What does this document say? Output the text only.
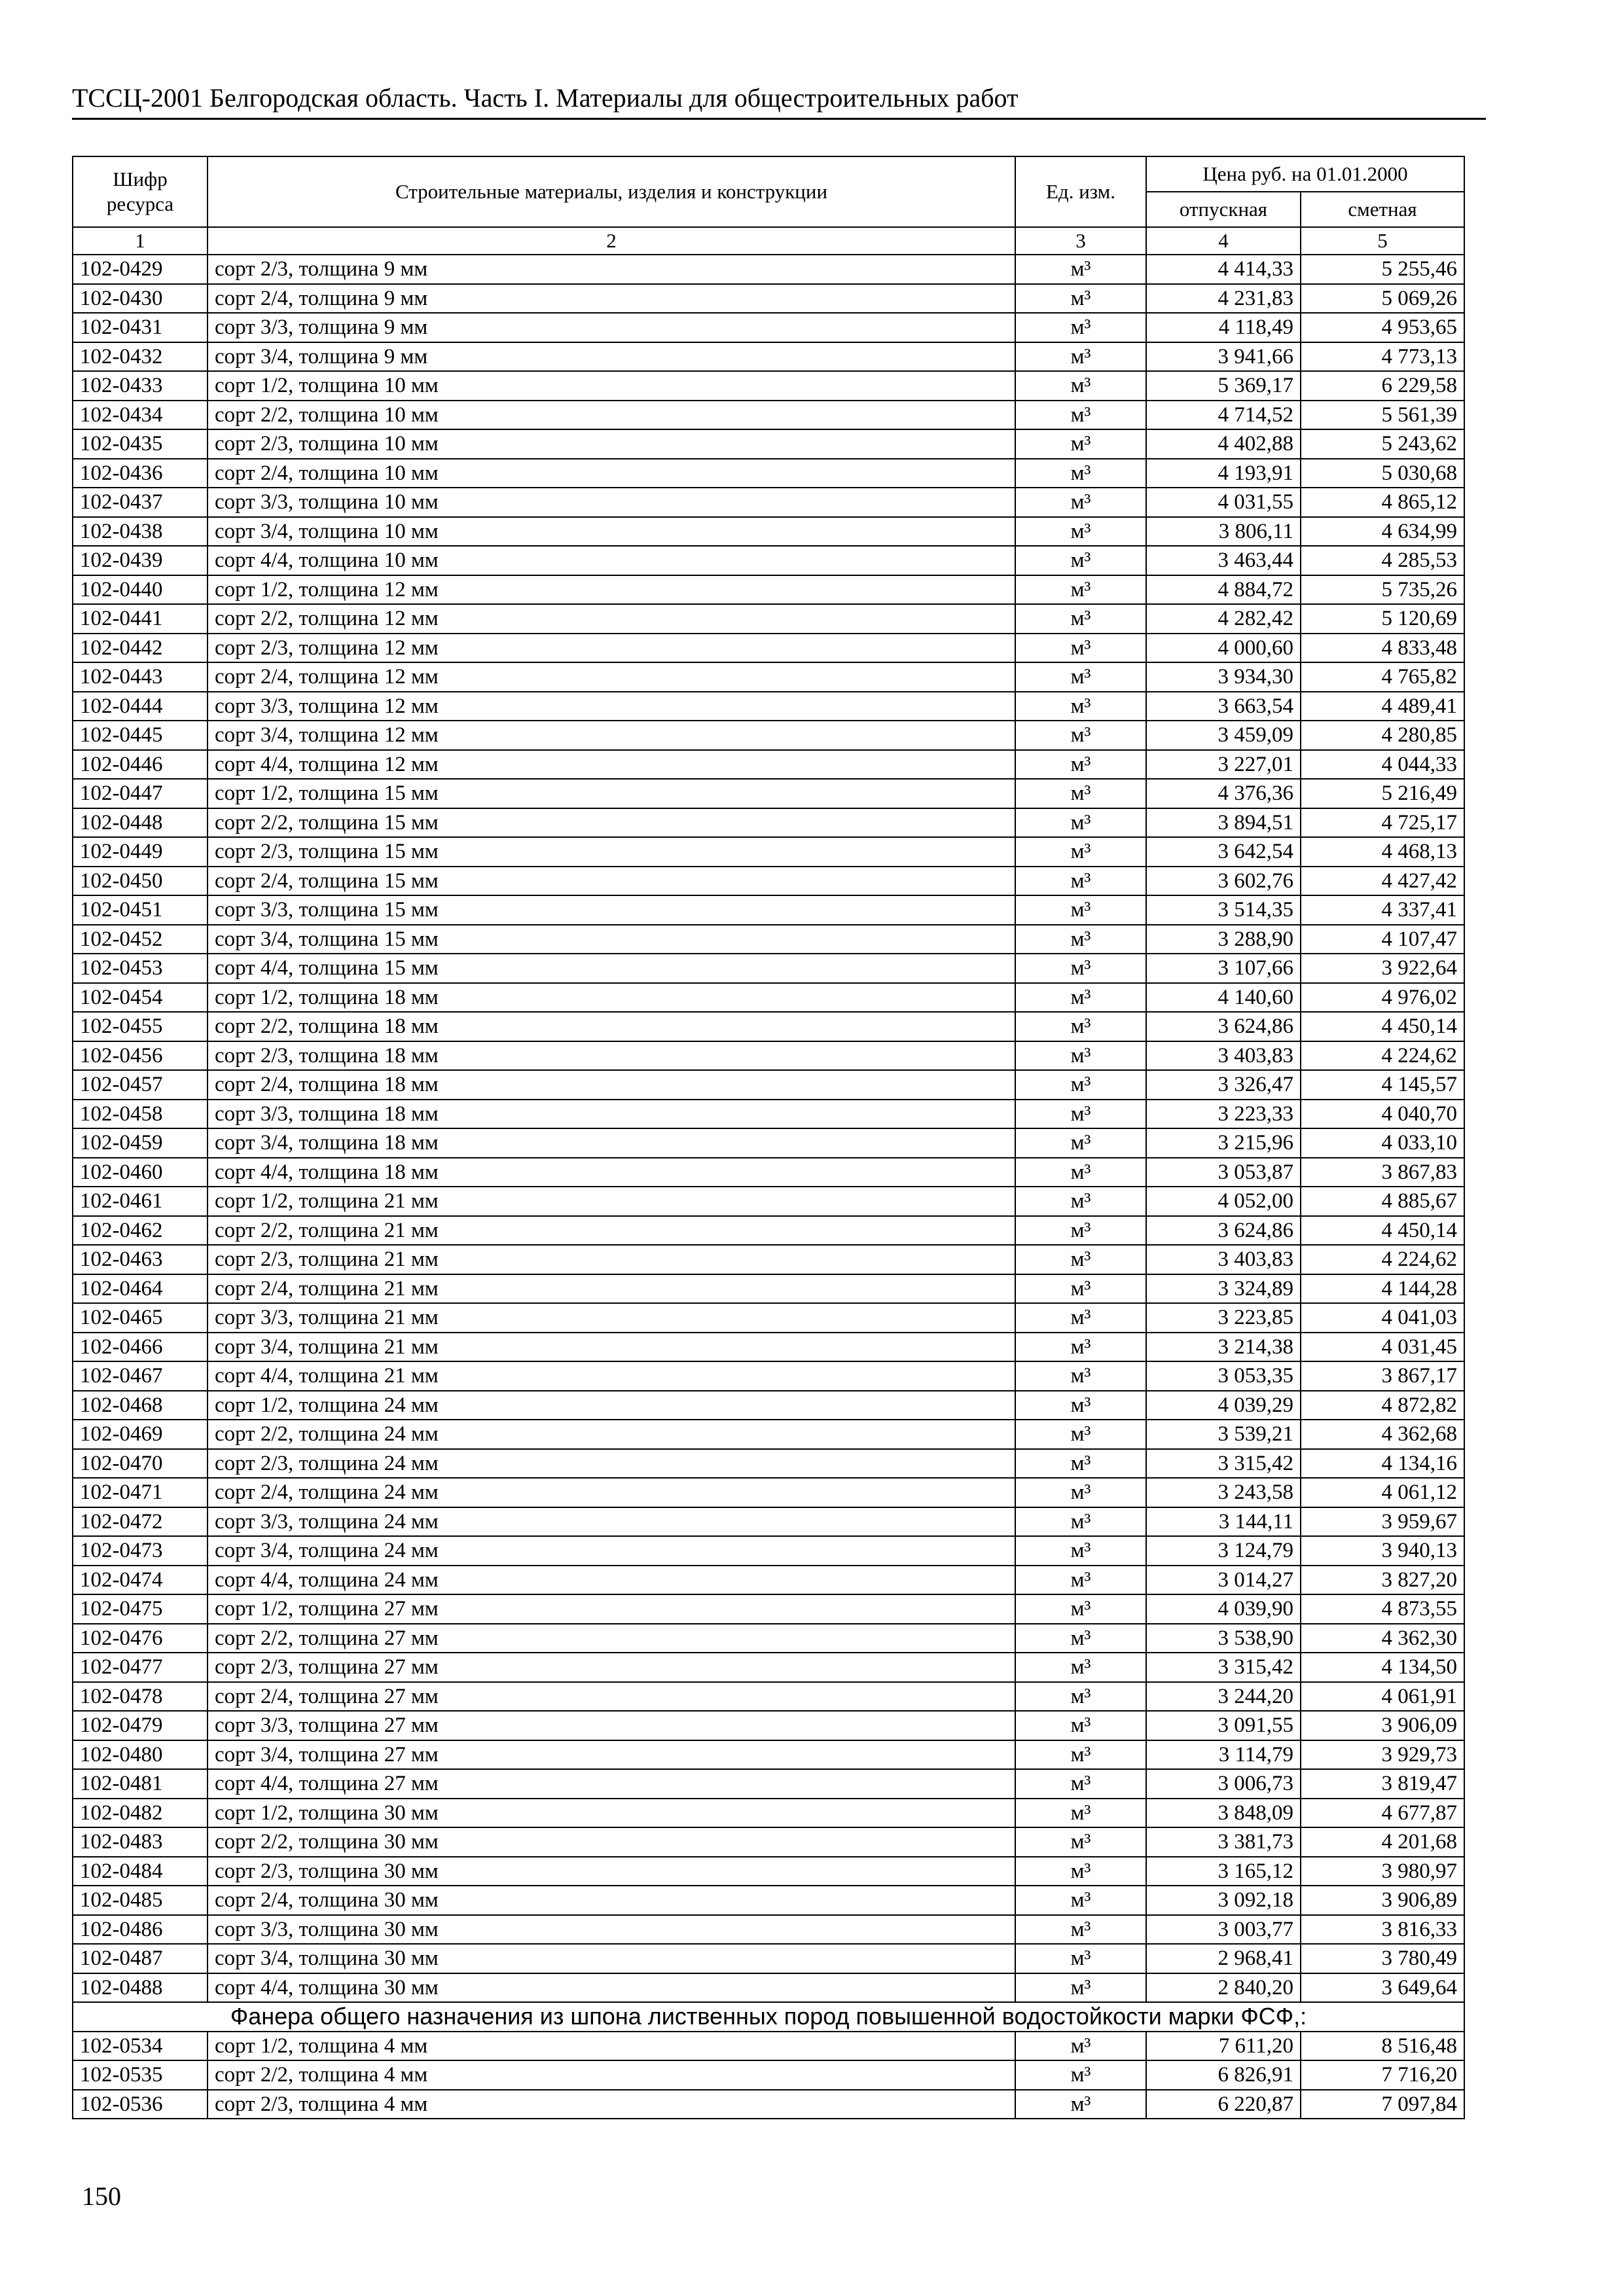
ТССЦ-2001 Белгородская область. Часть I. Материалы для общестроительных работ
Шифр ресурса	Строительные материалы, изделия и конструкции	Ед. изм.	Цена руб. на 01.01.2000	
			отпускная	сметная
1	2	3	4	5
102-0429	сорт 2/3, толщина 9 мм	м³	4 414,33	5 255,46
102-0430	сорт 2/4, толщина 9 мм	м³	4 231,83	5 069,26
102-0431	сорт 3/3, толщина 9 мм	м³	4 118,49	4 953,65
102-0432	сорт 3/4, толщина 9 мм	м³	3 941,66	4 773,13
102-0433	сорт 1/2, толщина 10 мм	м³	5 369,17	6 229,58
102-0434	сорт 2/2, толщина 10 мм	м³	4 714,52	5 561,39
102-0435	сорт 2/3, толщина 10 мм	м³	4 402,88	5 243,62
102-0436	сорт 2/4, толщина 10 мм	м³	4 193,91	5 030,68
102-0437	сорт 3/3, толщина 10 мм	м³	4 031,55	4 865,12
102-0438	сорт 3/4, толщина 10 мм	м³	3 806,11	4 634,99
102-0439	сорт 4/4, толщина 10 мм	м³	3 463,44	4 285,53
102-0440	сорт 1/2, толщина 12 мм	м³	4 884,72	5 735,26
102-0441	сорт 2/2, толщина 12 мм	м³	4 282,42	5 120,69
102-0442	сорт 2/3, толщина 12 мм	м³	4 000,60	4 833,48
102-0443	сорт 2/4, толщина 12 мм	м³	3 934,30	4 765,82
102-0444	сорт 3/3, толщина 12 мм	м³	3 663,54	4 489,41
102-0445	сорт 3/4, толщина 12 мм	м³	3 459,09	4 280,85
102-0446	сорт 4/4, толщина 12 мм	м³	3 227,01	4 044,33
102-0447	сорт 1/2, толщина 15 мм	м³	4 376,36	5 216,49
102-0448	сорт 2/2, толщина 15 мм	м³	3 894,51	4 725,17
102-0449	сорт 2/3, толщина 15 мм	м³	3 642,54	4 468,13
102-0450	сорт 2/4, толщина 15 мм	м³	3 602,76	4 427,42
102-0451	сорт 3/3, толщина 15 мм	м³	3 514,35	4 337,41
102-0452	сорт 3/4, толщина 15 мм	м³	3 288,90	4 107,47
102-0453	сорт 4/4, толщина 15 мм	м³	3 107,66	3 922,64
102-0454	сорт 1/2, толщина 18 мм	м³	4 140,60	4 976,02
102-0455	сорт 2/2, толщина 18 мм	м³	3 624,86	4 450,14
102-0456	сорт 2/3, толщина 18 мм	м³	3 403,83	4 224,62
102-0457	сорт 2/4, толщина 18 мм	м³	3 326,47	4 145,57
102-0458	сорт 3/3, толщина 18 мм	м³	3 223,33	4 040,70
102-0459	сорт 3/4, толщина 18 мм	м³	3 215,96	4 033,10
102-0460	сорт 4/4, толщина 18 мм	м³	3 053,87	3 867,83
102-0461	сорт 1/2, толщина 21 мм	м³	4 052,00	4 885,67
102-0462	сорт 2/2, толщина 21 мм	м³	3 624,86	4 450,14
102-0463	сорт 2/3, толщина 21 мм	м³	3 403,83	4 224,62
102-0464	сорт 2/4, толщина 21 мм	м³	3 324,89	4 144,28
102-0465	сорт 3/3, толщина 21 мм	м³	3 223,85	4 041,03
102-0466	сорт 3/4, толщина 21 мм	м³	3 214,38	4 031,45
102-0467	сорт 4/4, толщина 21 мм	м³	3 053,35	3 867,17
102-0468	сорт 1/2, толщина 24 мм	м³	4 039,29	4 872,82
102-0469	сорт 2/2, толщина 24 мм	м³	3 539,21	4 362,68
102-0470	сорт 2/3, толщина 24 мм	м³	3 315,42	4 134,16
102-0471	сорт 2/4, толщина 24 мм	м³	3 243,58	4 061,12
102-0472	сорт 3/3, толщина 24 мм	м³	3 144,11	3 959,67
102-0473	сорт 3/4, толщина 24 мм	м³	3 124,79	3 940,13
102-0474	сорт 4/4, толщина 24 мм	м³	3 014,27	3 827,20
102-0475	сорт 1/2, толщина 27 мм	м³	4 039,90	4 873,55
102-0476	сорт 2/2, толщина 27 мм	м³	3 538,90	4 362,30
102-0477	сорт 2/3, толщина 27 мм	м³	3 315,42	4 134,50
102-0478	сорт 2/4, толщина 27 мм	м³	3 244,20	4 061,91
102-0479	сорт 3/3, толщина 27 мм	м³	3 091,55	3 906,09
102-0480	сорт 3/4, толщина 27 мм	м³	3 114,79	3 929,73
102-0481	сорт 4/4, толщина 27 мм	м³	3 006,73	3 819,47
102-0482	сорт 1/2, толщина 30 мм	м³	3 848,09	4 677,87
102-0483	сорт 2/2, толщина 30 мм	м³	3 381,73	4 201,68
102-0484	сорт 2/3, толщина 30 мм	м³	3 165,12	3 980,97
102-0485	сорт 2/4, толщина 30 мм	м³	3 092,18	3 906,89
102-0486	сорт 3/3, толщина 30 мм	м³	3 003,77	3 816,33
102-0487	сорт 3/4, толщина 30 мм	м³	2 968,41	3 780,49
102-0488	сорт 4/4, толщина 30 мм	м³	2 840,20	3 649,64
Фанера общего назначения из шпона лиственных пород повышенной водостойкости марки ФСФ,:				
102-0534	сорт 1/2, толщина 4 мм	м³	7 611,20	8 516,48
102-0535	сорт 2/2, толщина 4 мм	м³	6 826,91	7 716,20
102-0536	сорт 2/3, толщина 4 мм	м³	6 220,87	7 097,84
150
